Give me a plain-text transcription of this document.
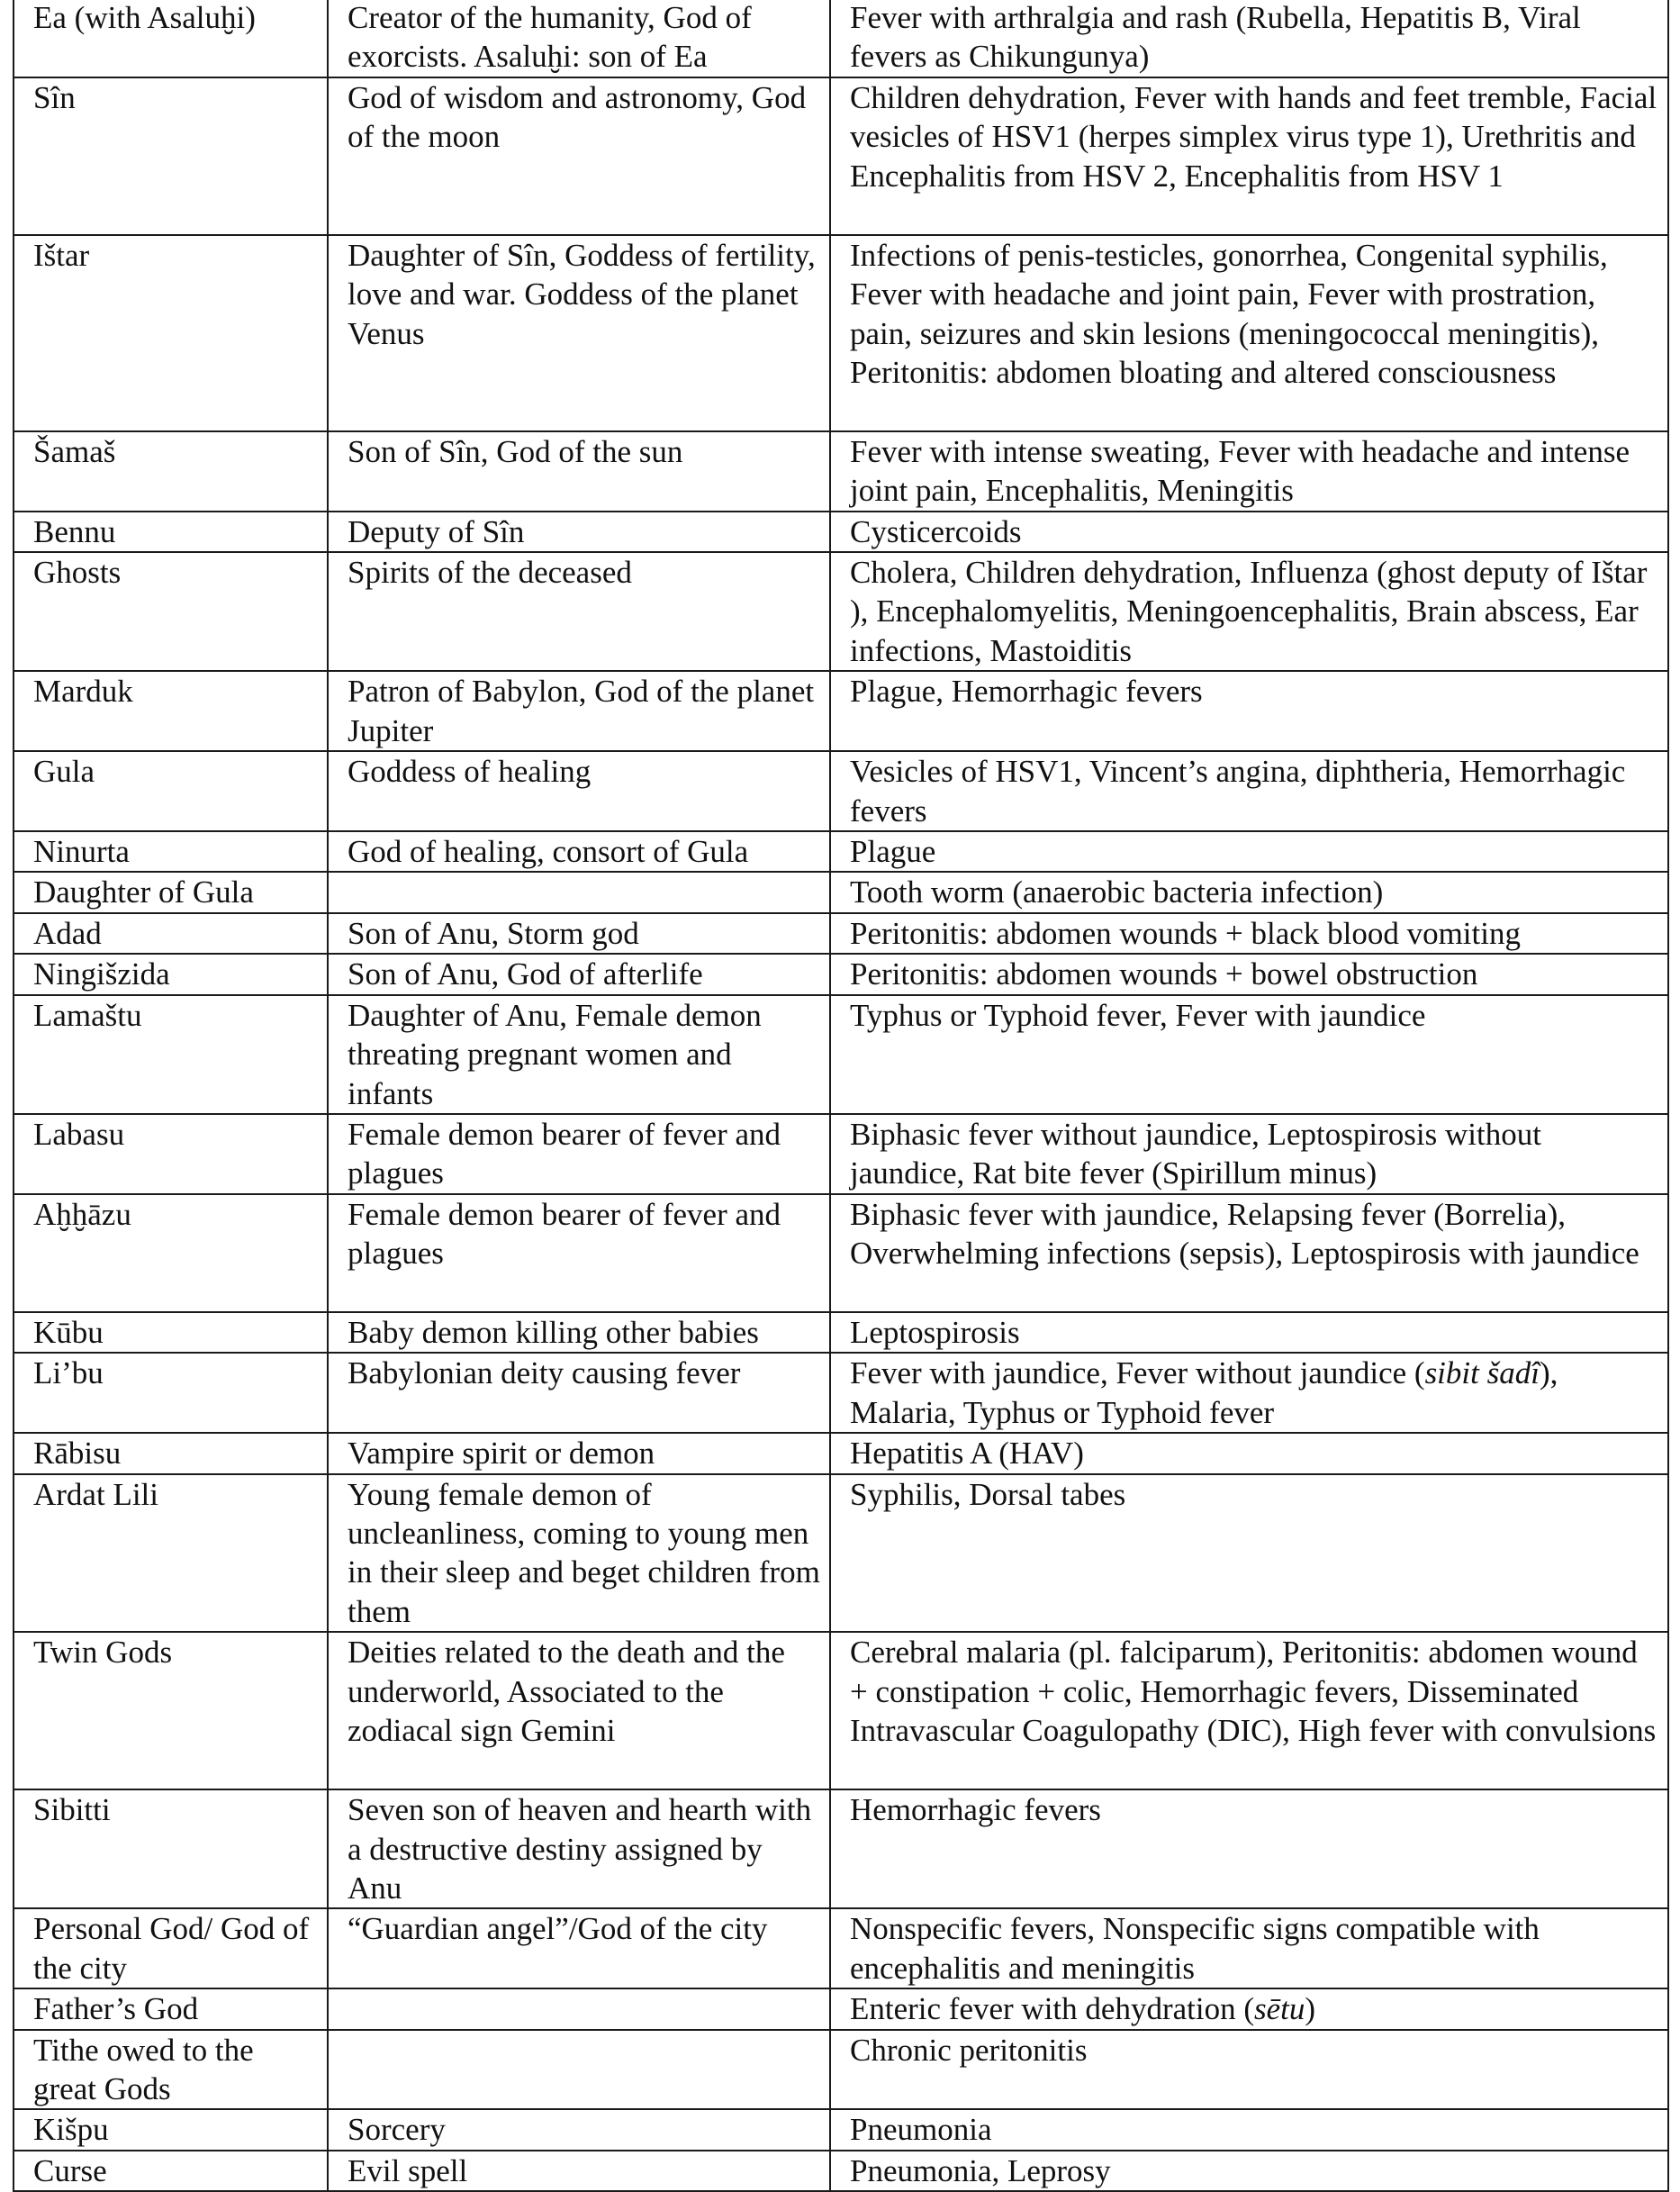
Ea (with Asaluḫi)	Creator of the humanity, God of exorcists. Asaluḫi: son of Ea	Fever with arthralgia and rash (Rubella, Hepatitis B, Viral fevers as Chikungunya)
Sîn	God of wisdom and astronomy, God of the moon	Children dehydration, Fever with hands and feet tremble, Facial vesicles of HSV1 (herpes simplex virus type 1), Urethritis and Encephalitis from HSV 2, Encephalitis from HSV 1
Ištar	Daughter of Sîn, Goddess of fertility, love and war. Goddess of the planet Venus	Infections of penis-testicles, gonorrhea, Congenital syphilis, Fever with headache and joint pain, Fever with prostration, pain, seizures and skin lesions (meningococcal meningitis), Peritonitis: abdomen bloating and altered consciousness
Šamaš	Son of Sîn, God of the sun	Fever with intense sweating, Fever with headache and intense joint pain, Encephalitis, Meningitis
Bennu	Deputy of Sîn	Cysticercoids
Ghosts	Spirits of the deceased	Cholera, Children dehydration, Influenza (ghost deputy of Ištar ), Encephalomyelitis, Meningoencephalitis, Brain abscess, Ear infections, Mastoiditis
Marduk	Patron of Babylon, God of the planet Jupiter	Plague, Hemorrhagic fevers
Gula	Goddess of healing	Vesicles of HSV1, Vincent’s angina, diphtheria, Hemorrhagic fevers
Ninurta	God of healing, consort of Gula	Plague
Daughter of Gula		Tooth worm (anaerobic bacteria infection)
Adad	Son of Anu, Storm god	Peritonitis: abdomen wounds + black blood vomiting
Ningišzida	Son of Anu, God of afterlife	Peritonitis: abdomen wounds + bowel obstruction
Lamaštu	Daughter of Anu, Female demon threating pregnant women and infants	Typhus or Typhoid fever, Fever with jaundice
Labasu	Female demon bearer of fever and plagues	Biphasic fever without jaundice, Leptospirosis without jaundice, Rat bite fever (Spirillum minus)
Aḫḫāzu	Female demon bearer of fever and plagues	Biphasic fever with jaundice, Relapsing fever (Borrelia), Overwhelming infections (sepsis), Leptospirosis with jaundice
Kūbu	Baby demon killing other babies	Leptospirosis
Li’bu	Babylonian deity causing fever	Fever with jaundice, Fever without jaundice (sibit šadî), Malaria, Typhus or Typhoid fever
Rābisu	Vampire spirit or demon	Hepatitis A (HAV)
Ardat Lili	Young female demon of uncleanliness, coming to young men in their sleep and beget children from them	Syphilis, Dorsal tabes
Twin Gods	Deities related to the death and the underworld, Associated to the zodiacal sign Gemini	Cerebral malaria (pl. falciparum), Peritonitis: abdomen wound + constipation + colic, Hemorrhagic fevers, Disseminated Intravascular Coagulopathy (DIC), High fever with convulsions
Sibitti	Seven son of heaven and hearth with a destructive destiny assigned by Anu	Hemorrhagic fevers
Personal God/ God of the city	“Guardian angel”/God of the city	Nonspecific fevers, Nonspecific signs compatible with encephalitis and meningitis
Father’s God		Enteric fever with dehydration (sētu)
Tithe owed to the great Gods		Chronic peritonitis
Kišpu	Sorcery	Pneumonia
Curse	Evil spell	Pneumonia, Leprosy
